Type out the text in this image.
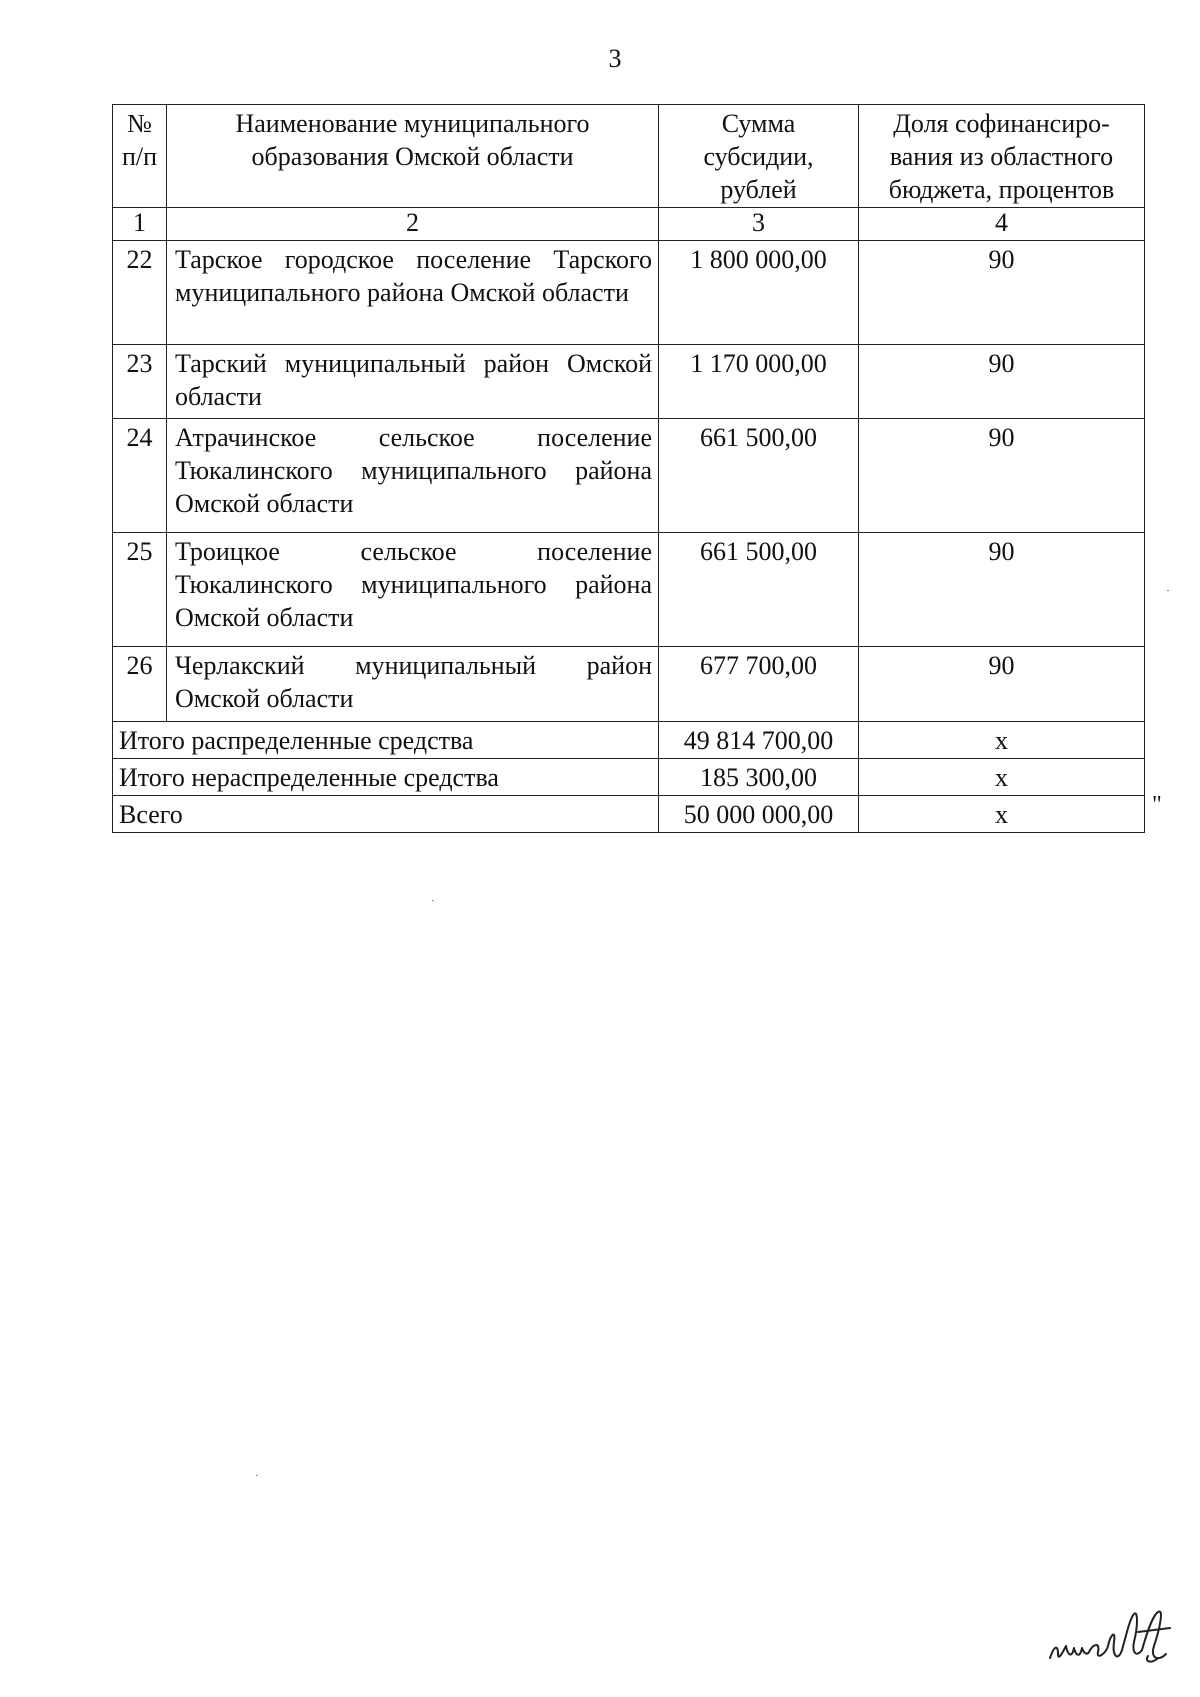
3
№ п/п	Наименование муниципального образования Омской области	Сумма субсидии, рублей	Доля софинансиро-вания из областного бюджета, процентов
1	2	3	4
22	Тарское городское поселение Тарского муниципального района Омской области	1 800 000,00	90
23	Тарский муниципальный район Омской области	1 170 000,00	90
24	Атрачинское сельское поселение Тюкалинского муниципального района Омской области	661 500,00	90
25	Троицкое сельское поселение Тюкалинского муниципального района Омской области	661 500,00	90
26	Черлакский муниципальный район Омской области	677 700,00	90
Итого распределенные средства		49 814 700,00	x
Итого нераспределенные средства		185 300,00	x
Всего		50 000 000,00	x	"
